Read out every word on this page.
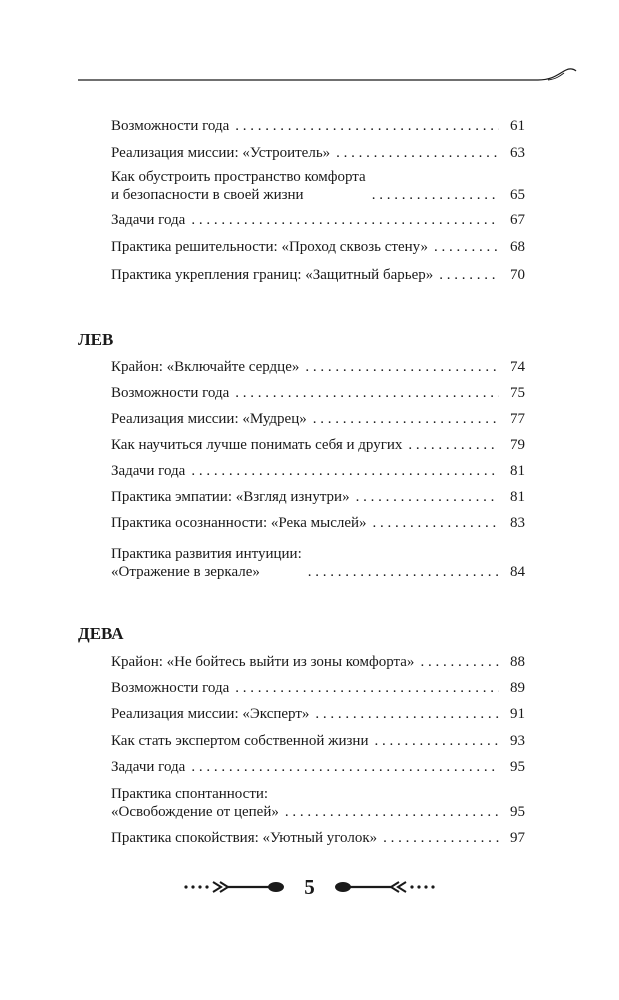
Возможности года . . .	61
Реализация миссии: «Устроитель» . . .	63
Как обустроить пространство комфорта
и безопасности в своей жизни . . .	65
Задачи года . . .	67
Практика решительности: «Проход сквозь стену» . . .	68
Практика укрепления границ: «Защитный барьер» . . .	70
ЛЕВ
Крайон: «Включайте сердце» . . .	74
Возможности года . . .	75
Реализация миссии: «Мудрец» . . .	77
Как научиться лучше понимать себя и других . . .	79
Задачи года . . .	81
Практика эмпатии: «Взгляд изнутри» . . .	81
Практика осознанности: «Река мыслей» . . .	83
Практика развития интуиции:
«Отражение в зеркале» . . .	84
ДЕВА
Крайон: «Не бойтесь выйти из зоны комфорта» . . .	88
Возможности года . . .	89
Реализация миссии: «Эксперт» . . .	91
Как стать экспертом собственной жизни . . .	93
Задачи года . . .	95
Практика спонтанности:
«Освобождение от цепей» . . .	95
Практика спокойствия: «Уютный уголок» . . .	97
5
